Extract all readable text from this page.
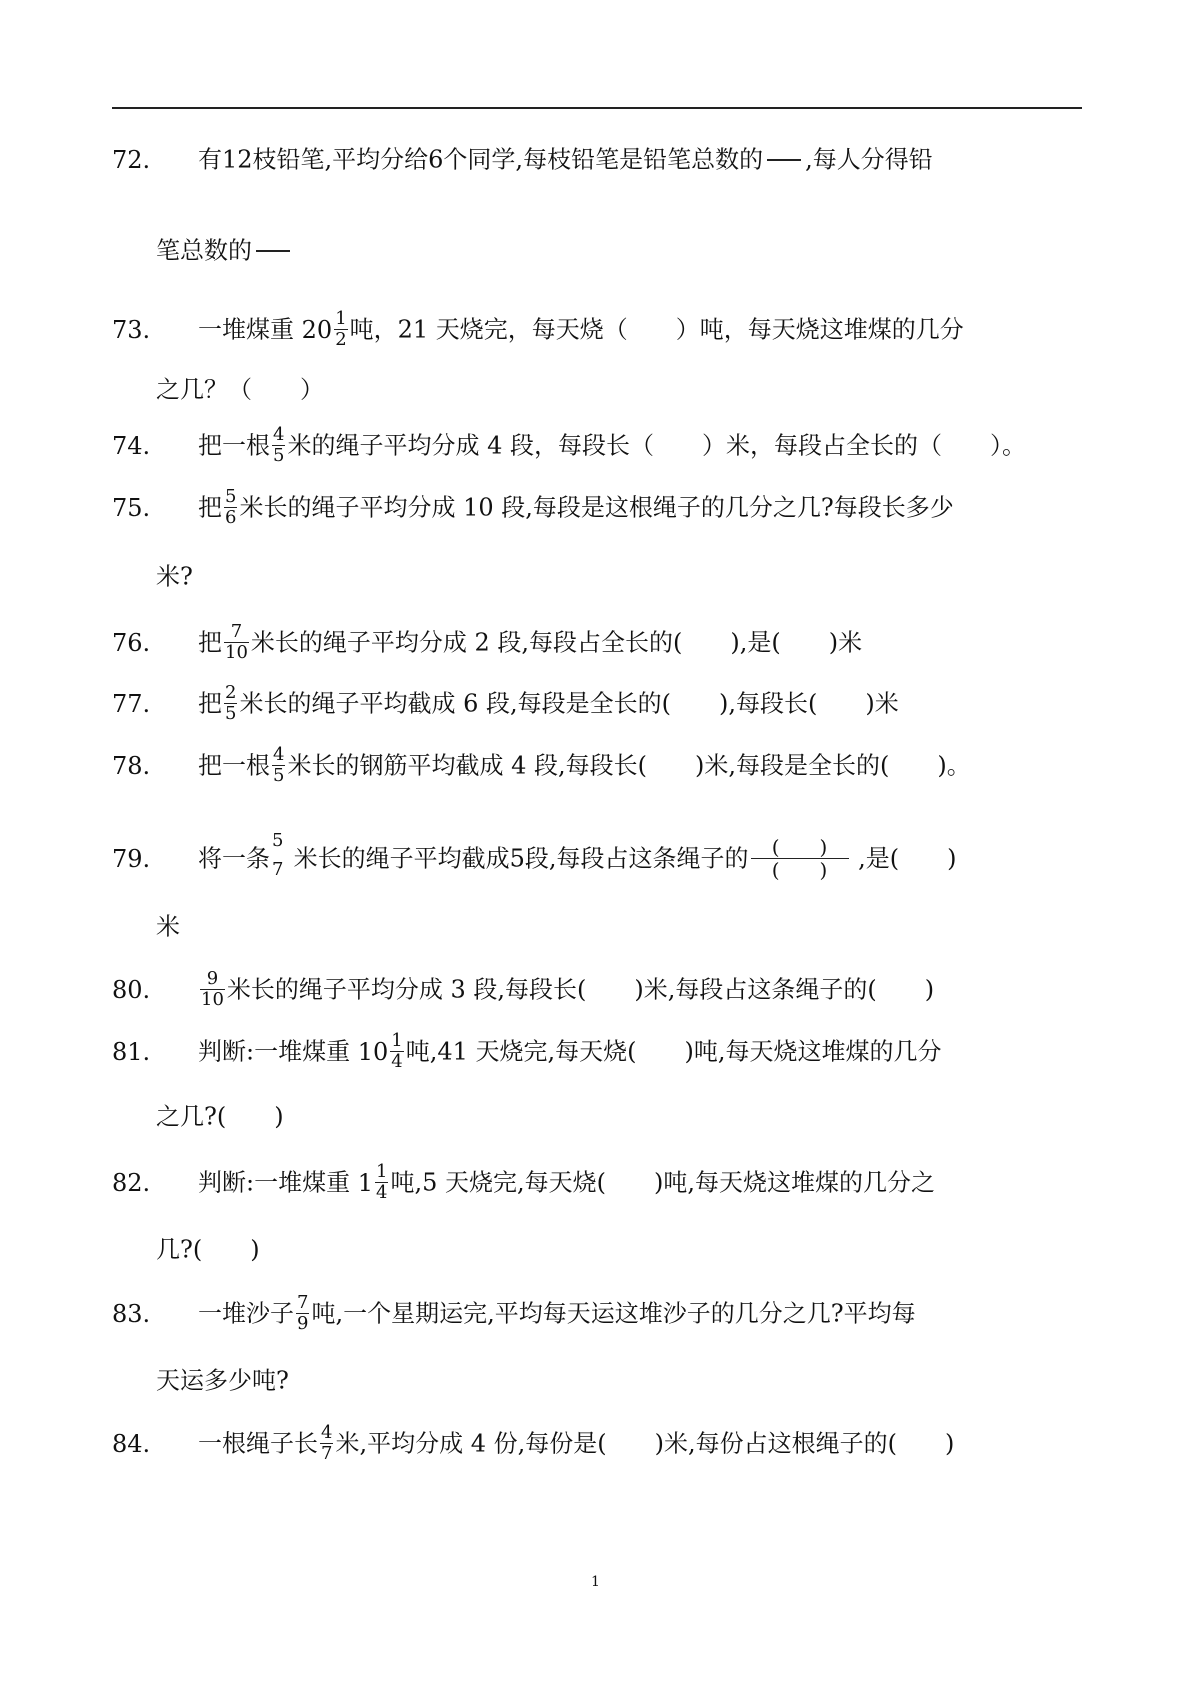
72. 有12枝铅笔,平均分给6个同学,每枝铅笔是铅笔总数的 ,每人分得铅
笔总数的
73. 一堆煤重 $20 \frac{1}{2}$ 吨，21 天烧完，每天烧（　　）吨，每天烧这堆煤的几分
之几？（　　）
74. 把一根 $\frac{4}{5}$ 米的绳子平均分成 4 段，每段长（　　）米，每段占全长的（　　）。
75. 把 $\frac{5}{6}$ 米长的绳子平均分成 10 段,每段是这根绳子的几分之几?每段长多少
米?
76. 把 $\frac{7}{10}$ 米长的绳子平均分成 2 段,每段占全长的(　　),是(　　)米
77. 把 $\frac{2}{5}$ 米长的绳子平均截成 6 段,每段是全长的(　　),每段长(　　)米
78. 把一根 $\frac{4}{5}$ 米长的钢筋平均截成 4 段,每段长(　　)米,每段是全长的(　　)。
79. 将一条
5
7 米长的绳子平均截成5段,每段占这条绳子的 $\frac{( )}{( )}$ ,是(　　)
米
80.	$\frac{9}{10}$ 米长的绳子平均分成 3 段,每段长(　　)米,每段占这条绳子的(　　)
81. 判断:一堆煤重 $10 \frac{1}{4}$ 吨,41 天烧完,每天烧(　　)吨,每天烧这堆煤的几分
之几?(　　)
82. 判断:一堆煤重 $1 \frac{1}{4}$ 吨,5 天烧完,每天烧(　　)吨,每天烧这堆煤的几分之
几?(　　)
83. 一堆沙子 $\frac{7}{9}$ 吨,一个星期运完,平均每天运这堆沙子的几分之几?平均每
天运多少吨?
84. 一根绳子长 $\frac{4}{7}$ 米,平均分成 4 份,每份是(　　)米,每份占这根绳子的(　　)
1
